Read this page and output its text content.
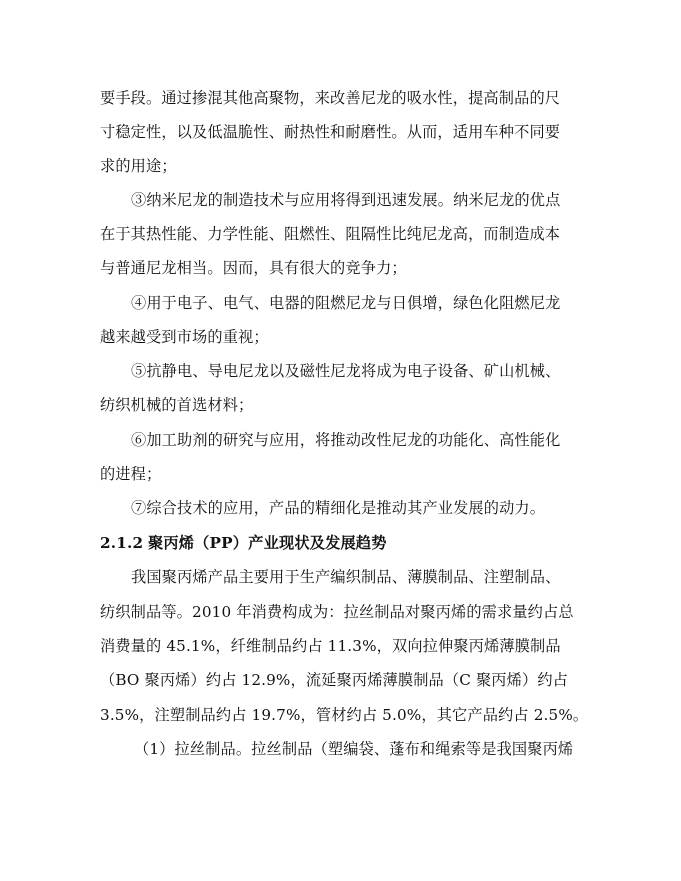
要手段。通过掺混其他高聚物，来改善尼龙的吸水性，提高制品的尺
寸稳定性，以及低温脆性、耐热性和耐磨性。从而，适用车种不同要
求的用途；
③纳米尼龙的制造技术与应用将得到迅速发展。纳米尼龙的优点
在于其热性能、力学性能、阻燃性、阻隔性比纯尼龙高，而制造成本
与普通尼龙相当。因而，具有很大的竞争力；
④用于电子、电气、电器的阻燃尼龙与日俱增，绿色化阻燃尼龙
越来越受到市场的重视；
⑤抗静电、导电尼龙以及磁性尼龙将成为电子设备、矿山机械、
纺织机械的首选材料；
⑥加工助剂的研究与应用，将推动改性尼龙的功能化、高性能化
的进程；
⑦综合技术的应用，产品的精细化是推动其产业发展的动力。
2.1.2 聚丙烯（PP）产业现状及发展趋势
我国聚丙烯产品主要用于生产编织制品、薄膜制品、注塑制品、
纺织制品等。2010 年消费构成为：拉丝制品对聚丙烯的需求量约占总
消费量的 45.1%，纤维制品约占 11.3%，双向拉伸聚丙烯薄膜制品
（BO 聚丙烯）约占 12.9%，流延聚丙烯薄膜制品（C 聚丙烯）约占
3.5%，注塑制品约占 19.7%，管材约占 5.0%，其它产品约占 2.5%。
（1）拉丝制品。拉丝制品（塑编袋、蓬布和绳索等是我国聚丙烯
